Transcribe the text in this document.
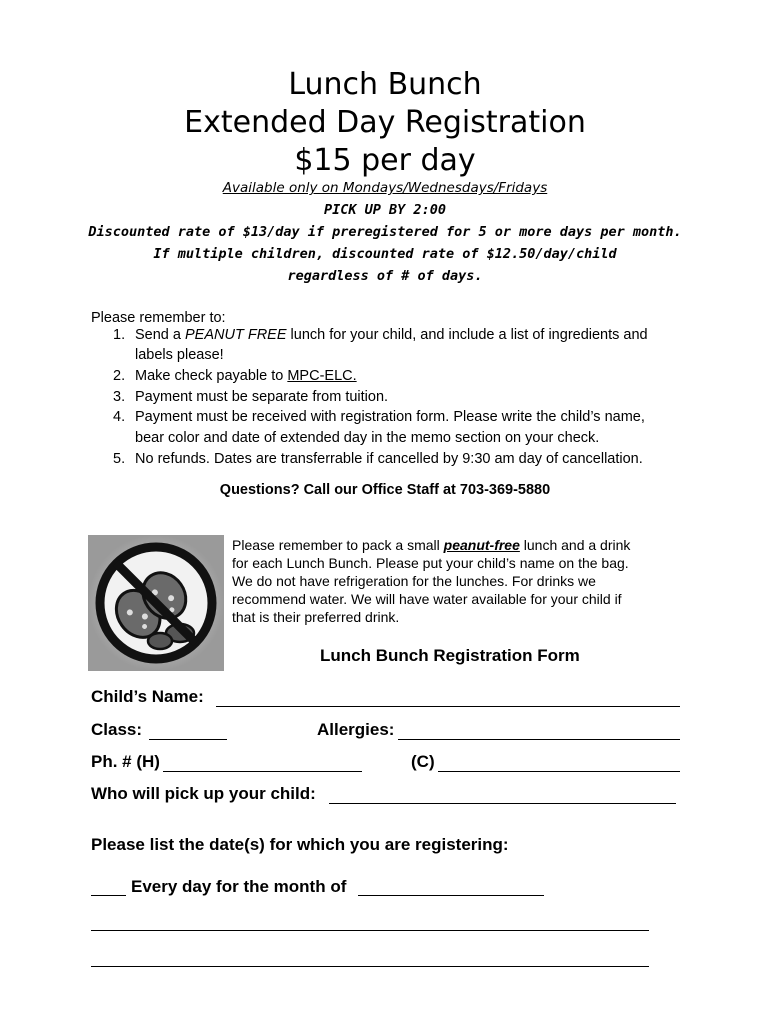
Lunch Bunch
Extended Day Registration
$15 per day
Available only on Mondays/Wednesdays/Fridays
PICK UP BY 2:00
Discounted rate of $13/day if preregistered for 5 or more days per month.
If multiple children, discounted rate of $12.50/day/child
regardless of # of days.
Please remember to:
1. Send a PEANUT FREE lunch for your child, and include a list of ingredients and
labels please!
2. Make check payable to MPC-ELC.
3. Payment must be separate from tuition.
4. Payment must be received with registration form. Please write the child’s name,
bear color and date of extended day in the memo section on your check.
5. No refunds. Dates are transferrable if cancelled by 9:30 am day of cancellation.
Questions? Call our Office Staff at 703-369-5880
Please remember to pack a small peanut-free lunch and a drink
for each Lunch Bunch. Please put your child’s name on the bag.
We do not have refrigeration for the lunches. For drinks we
recommend water. We will have water available for your child if
that is their preferred drink.
Lunch Bunch Registration Form
Child’s Name:
Class:	Allergies:
Ph. # (H)	(C)
Who will pick up your child:
Please list the date(s) for which you are registering:
Every day for the month of
